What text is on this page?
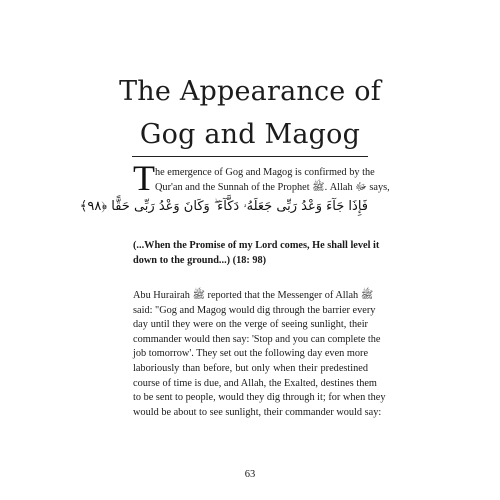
The Appearance of
Gog and Magog
T he emergence of Gog and Magog is confirmed by the
Qur'an and the Sunnah of the Prophet ﷺ. Allah ﷻ says,
فَإِذَا جَآءَ وَعْدُ رَبِّى جَعَلَهُۥ دَكَّآءَ ۖ وَكَانَ وَعْدُ رَبِّى حَقًّا ﴿٩٨﴾
(...When the Promise of my Lord comes, He shall level it
down to the ground...) (18: 98)
Abu Hurairah ﷺ reported that the Messenger of Allah ﷺ
said: "Gog and Magog would dig through the barrier every
day until they were on the verge of seeing sunlight, their
commander would then say: 'Stop and you can complete the
job tomorrow'. They set out the following day even more
laboriously than before, but only when their predestined
course of time is due, and Allah, the Exalted, destines them
to be sent to people, would they dig through it; for when they
would be about to see sunlight, their commander would say:
63
